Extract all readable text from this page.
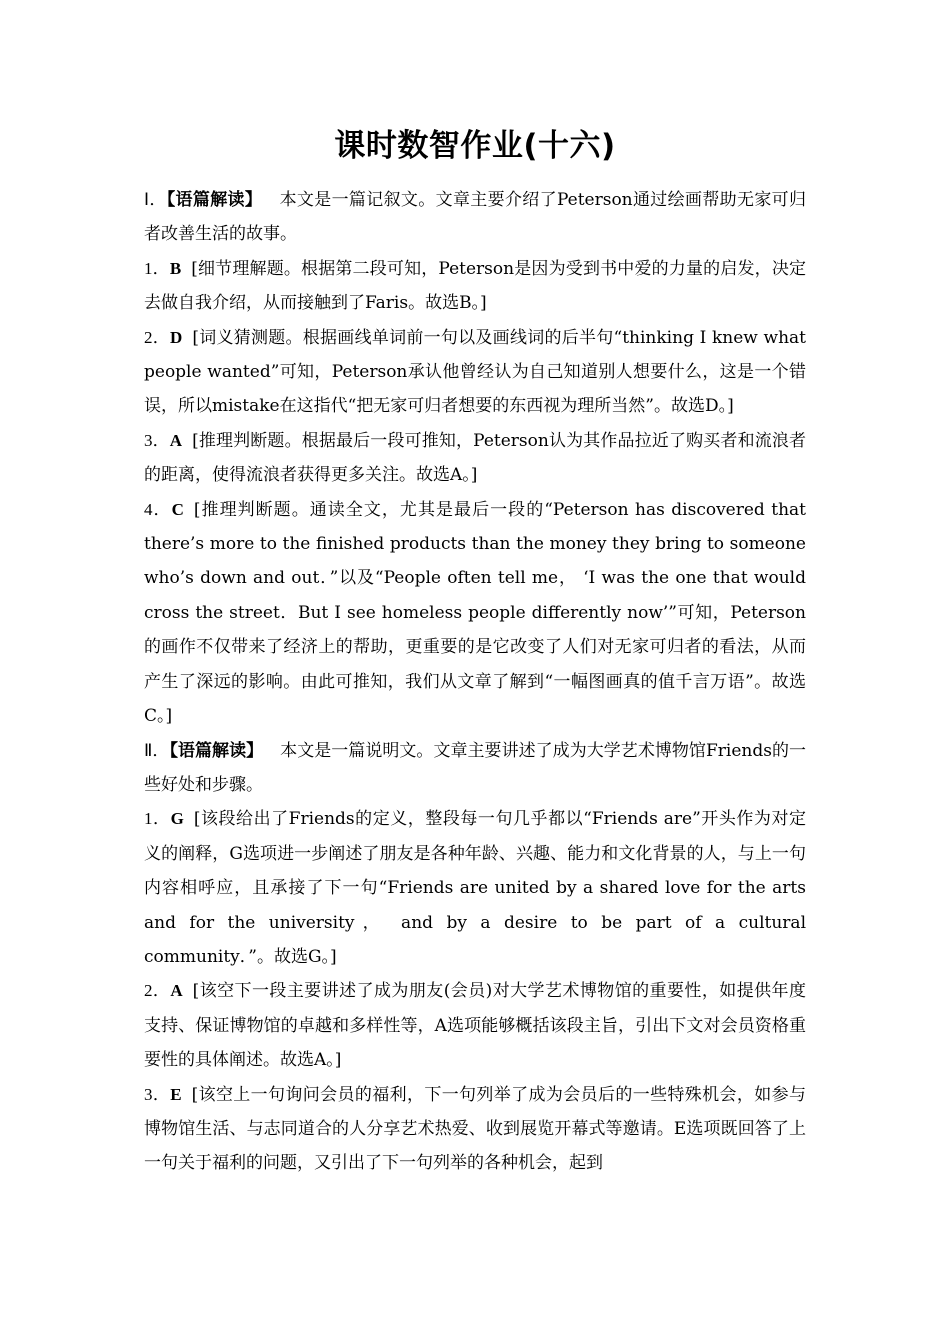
课时数智作业(十六)

Ⅰ．【语篇解读】  本文是一篇记叙文。文章主要介绍了Peterson通过绘画帮助无家可归者改善生活的故事。

1．B [细节理解题。根据第二段可知，Peterson是因为受到书中爱的力量的启发，决定去做自我介绍，从而接触到了Faris。故选B。]

2．D [词义猜测题。根据画线单词前一句以及画线词的后半句“thinking I knew what people wanted”可知，Peterson承认他曾经认为自己知道别人想要什么，这是一个错误，所以mistake在这指代“把无家可归者想要的东西视为理所当然”。故选D。]

3．A [推理判断题。根据最后一段可推知，Peterson认为其作品拉近了购买者和流浪者的距离，使得流浪者获得更多关注。故选A。]

4．C [推理判断题。通读全文，尤其是最后一段的“Peterson has discovered that there’s more to the finished products than the money they bring to someone who’s down and out．”以及“People often tell me， ‘I was the one that would cross the street．But I see homeless people differently now’”可知，Peterson的画作不仅带来了经济上的帮助，更重要的是它改变了人们对无家可归者的看法，从而产生了深远的影响。由此可推知，我们从文章了解到“一幅图画真的值千言万语”。故选C。]

Ⅱ．【语篇解读】  本文是一篇说明文。文章主要讲述了成为大学艺术博物馆Friends的一些好处和步骤。

1．G [该段给出了Friends的定义，整段每一句几乎都以“Friends are”开头作为对定义的阐释，G选项进一步阐述了朋友是各种年龄、兴趣、能力和文化背景的人，与上一句内容相呼应，且承接了下一句“Friends are united by a shared love for the arts and for the university， and by a desire to be part of a cultural community．”。故选G。]

2．A [该空下一段主要讲述了成为朋友(会员)对大学艺术博物馆的重要性，如提供年度支持、保证博物馆的卓越和多样性等，A选项能够概括该段主旨，引出下文对会员资格重要性的具体阐述。故选A。]

3．E [该空上一句询问会员的福利，下一句列举了成为会员后的一些特殊机会，如参与博物馆生活、与志同道合的人分享艺术热爱、收到展览开幕式等邀请。E选项既回答了上一句关于福利的问题，又引出了下一句列举的各种机会，起到
